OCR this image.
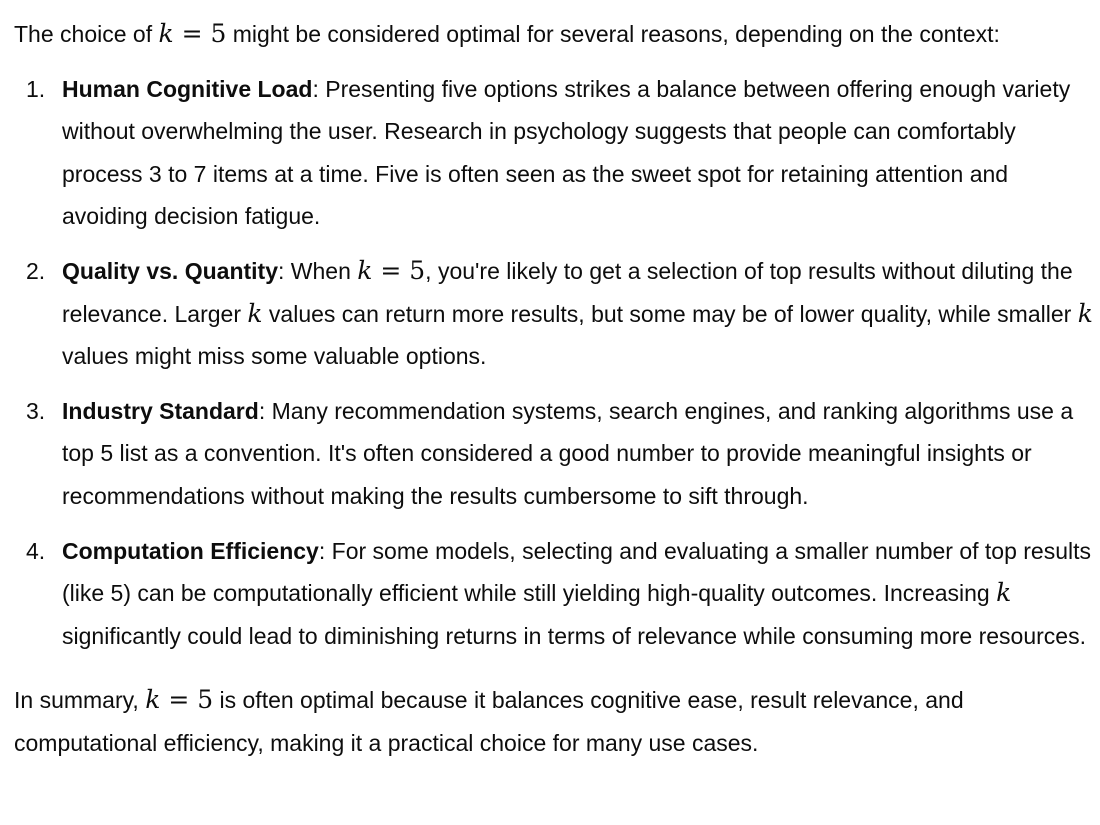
The choice of k = 5 might be considered optimal for several reasons, depending on the context:

1. Human Cognitive Load: Presenting five options strikes a balance between offering enough variety without overwhelming the user. Research in psychology suggests that people can comfortably process 3 to 7 items at a time. Five is often seen as the sweet spot for retaining attention and avoiding decision fatigue.
2. Quality vs. Quantity: When k = 5, you're likely to get a selection of top results without diluting the relevance. Larger k values can return more results, but some may be of lower quality, while smaller k values might miss some valuable options.
3. Industry Standard: Many recommendation systems, search engines, and ranking algorithms use a top 5 list as a convention. It's often considered a good number to provide meaningful insights or recommendations without making the results cumbersome to sift through.
4. Computation Efficiency: For some models, selecting and evaluating a smaller number of top results (like 5) can be computationally efficient while still yielding high-quality outcomes. Increasing k significantly could lead to diminishing returns in terms of relevance while consuming more resources.

In summary, k = 5 is often optimal because it balances cognitive ease, result relevance, and computational efficiency, making it a practical choice for many use cases.
